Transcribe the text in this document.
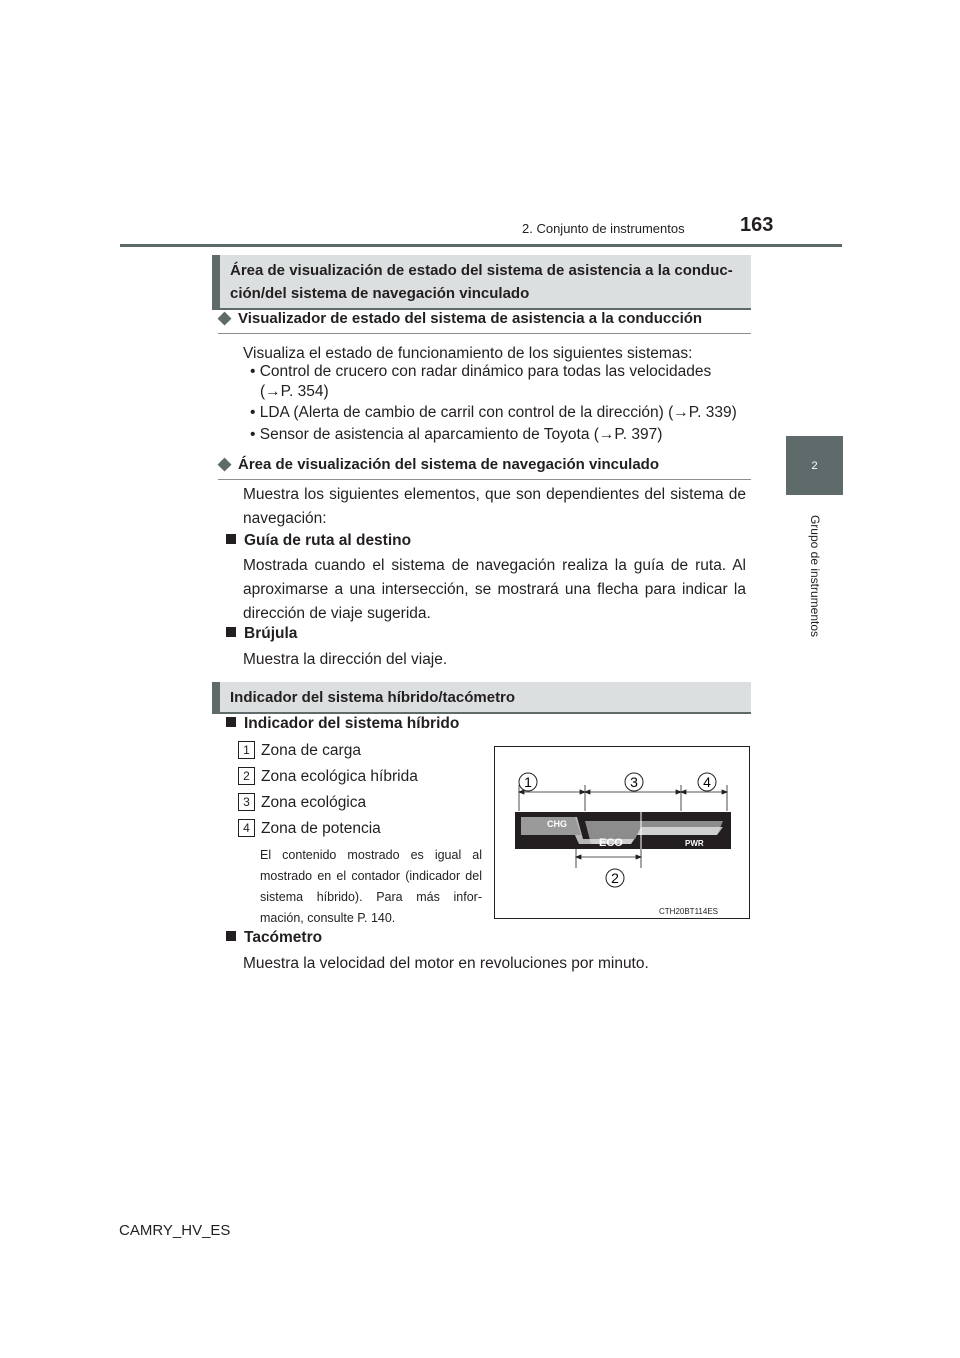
2. Conjunto de instrumentos	163
2
Grupo de instrumentos
Área de visualización de estado del sistema de asistencia a la conduc-
ción/del sistema de navegación vinculado
◆ Visualizador de estado del sistema de asistencia a la conducción
Visualiza el estado de funcionamiento de los siguientes sistemas:
• Control de crucero con radar dinámico para todas las velocidades
(→P. 354)
• LDA (Alerta de cambio de carril con control de la dirección) (→P. 339)
• Sensor de asistencia al aparcamiento de Toyota (→P. 397)
◆ Área de visualización del sistema de navegación vinculado
Muestra los siguientes elementos, que son dependientes del sistema de navegación:
Guía de ruta al destino
Mostrada cuando el sistema de navegación realiza la guía de ruta. Al aproximarse a una intersección, se mostrará una flecha para indicar la dirección de viaje sugerida.
Brújula
Muestra la dirección del viaje.
Indicador del sistema híbrido/tacómetro
Indicador del sistema híbrido
1 Zona de carga
2 Zona ecológica híbrida
3 Zona ecológica
4 Zona de potencia
El contenido mostrado es igual al mostrado en el contador (indicador del sistema híbrido). Para más infor-mación, consulte P. 140.
1	3	4
2
CHG
ECO	PWR
CTH20BT114ES
Tacómetro
Muestra la velocidad del motor en revoluciones por minuto.
CAMRY_HV_ES
